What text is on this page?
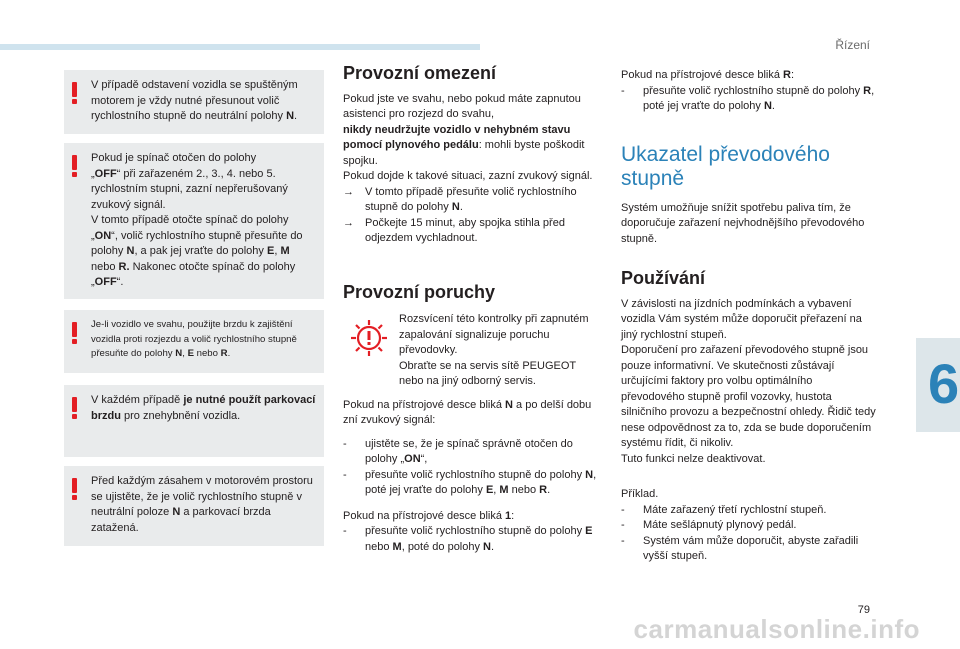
Řízení
6
V případě odstavení vozidla se spuštěným motorem je vždy nutné přesunout volič rychlostního stupně do neutrální polohy N.
Pokud je spínač otočen do polohy
„OFF“ při zařazeném 2., 3., 4. nebo 5. rychlostním stupni, zazní nepřerušovaný zvukový signál.
V tomto případě otočte spínač do polohy
„ON“, volič rychlostního stupně přesuňte do polohy N, a pak jej vraťte do polohy E, M nebo R. Nakonec otočte spínač do polohy „OFF“.
Je-li vozidlo ve svahu, použijte brzdu k zajištění vozidla proti rozjezdu a volič rychlostního stupně přesuňte do polohy N, E nebo R.
V každém případě je nutné použít parkovací brzdu pro znehybnění vozidla.
Před každým zásahem v motorovém prostoru se ujistěte, že je volič rychlostního stupně v neutrální poloze N a parkovací brzda zatažená.
Provozní omezení

Pokud jste ve svahu, nebo pokud máte zapnutou asistenci pro rozjezd do svahu,

nikdy neudržujte vozidlo v nehybném stavu pomocí plynového pedálu: mohli byste poškodit spojku.

Pokud dojde k takové situaci, zazní zvukový signál.

→ V tomto případě přesuňte volič rychlostního stupně do polohy N.
→ Počkejte 15 minut, aby spojka stihla před odjezdem vychladnout.
Provozní poruchy

Rozsvícení této kontrolky při zapnutém zapalování signalizuje poruchu převodovky.

Obraťte se na servis sítě PEUGEOT nebo na jiný odborný servis.

Pokud na přístrojové desce bliká N a po delší dobu zní zvukový signál:

- ujistěte se, že je spínač správně otočen do polohy „ON“,
- přesuňte volič rychlostního stupně do polohy N, poté jej vraťte do polohy E, M nebo R.

Pokud na přístrojové desce bliká 1:

- přesuňte volič rychlostního stupně do polohy E nebo M, poté do polohy N.

Pokud na přístrojové desce bliká R:

- přesuňte volič rychlostního stupně do polohy R, poté jej vraťte do polohy N.
Ukazatel převodového stupně

Systém umožňuje snížit spotřebu paliva tím, že doporučuje zařazení nejvhodnějšího převodového stupně.

Používání

V závislosti na jízdních podmínkách a vybavení vozidla Vám systém může doporučit přeřazení na jiný rychlostní stupeň.

Doporučení pro zařazení převodového stupně jsou pouze informativní. Ve skutečnosti zůstávají určujícími faktory pro volbu optimálního převodového stupně profil vozovky, hustota silničního provozu a bezpečnostní ohledy. Řidič tedy nese odpovědnost za to, zda se bude doporučením systému řídit, či nikoliv.

Tuto funkci nelze deaktivovat.

Příklad.

- Máte zařazený třetí rychlostní stupeň.
- Máte sešlápnutý plynový pedál.
- Systém vám může doporučit, abyste zařadili vyšší stupeň.
79
carmanualsonline.info
